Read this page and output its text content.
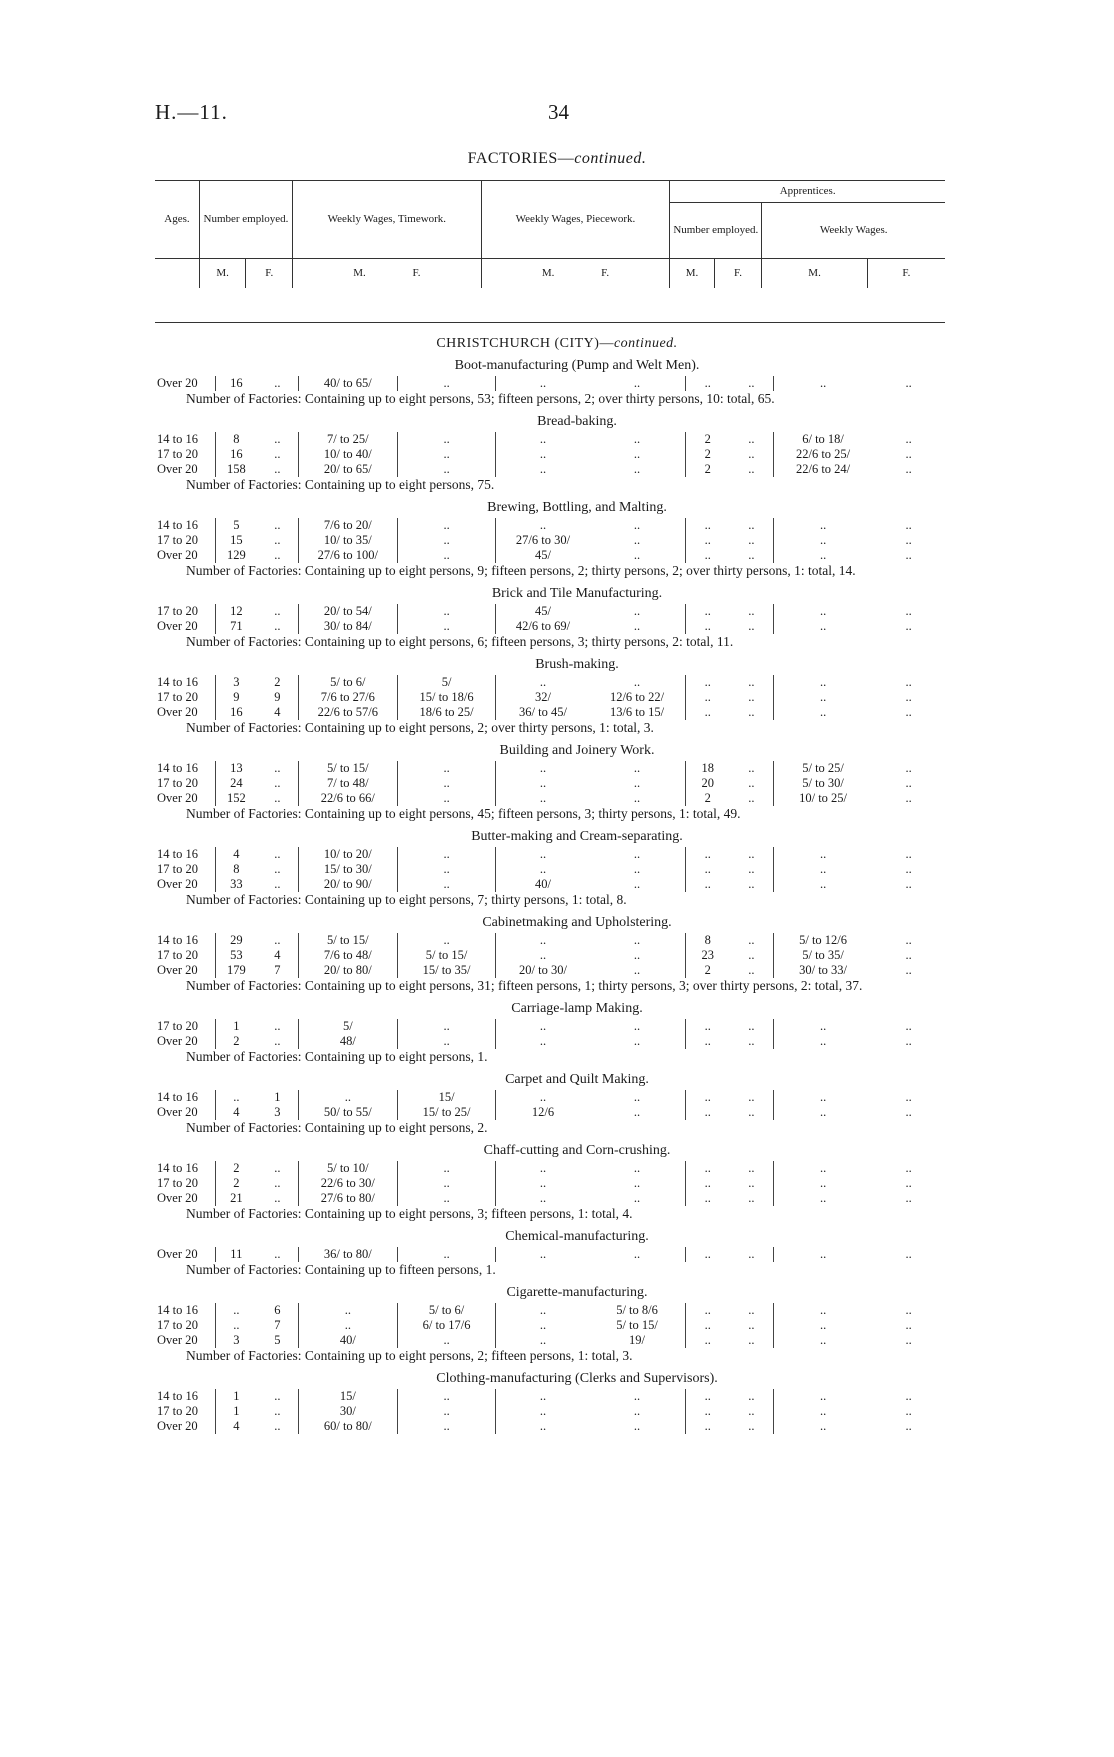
H.—11.	34
FACTORIES—continued.
Ages.	Number employed.		Weekly Wages, Timework.	Weekly Wages, Piecework.	Apprentices.			
					Number employed.		Weekly Wages.	
	M.	F.	M. F.	M. F.	M.	F.	M.	F.
CHRISTCHURCH (CITY)—continued.
Boot-manufacturing (Pump and Welt Men).
Over 20	16	..	40/ to 65/	..	..	..	..	..	..	..
Number of Factories: Containing up to eight persons, 53; fifteen persons, 2; over thirty persons, 10: total, 65.
Bread-baking.
14 to 16	8	..	7/ to 25/	..	..	..	2	..	6/ to 18/	..
17 to 20	16	..	10/ to 40/	..	..	..	2	..	22/6 to 25/	..
Over 20	158	..	20/ to 65/	..	..	..	2	..	22/6 to 24/	..
Number of Factories: Containing up to eight persons, 75.
Brewing, Bottling, and Malting.
14 to 16	5	..	7/6 to 20/	..	..	..	..	..	..	..
17 to 20	15	..	10/ to 35/	..	27/6 to 30/	..	..	..	..	..
Over 20	129	..	27/6 to 100/	..	45/	..	..	..	..	..
Number of Factories: Containing up to eight persons, 9; fifteen persons, 2; thirty persons, 2; over thirty persons, 1: total, 14.
Brick and Tile Manufacturing.
17 to 20	12	..	20/ to 54/	..	45/	..	..	..	..	..
Over 20	71	..	30/ to 84/	..	42/6 to 69/	..	..	..	..	..
Number of Factories: Containing up to eight persons, 6; fifteen persons, 3; thirty persons, 2: total, 11.
Brush-making.
14 to 16	3	2	5/ to 6/	5/	..	..	..	..	..	..
17 to 20	9	9	7/6 to 27/6	15/ to 18/6	32/	12/6 to 22/	..	..	..	..
Over 20	16	4	22/6 to 57/6	18/6 to 25/	36/ to 45/	13/6 to 15/	..	..	..	..
Number of Factories: Containing up to eight persons, 2; over thirty persons, 1: total, 3.
Building and Joinery Work.
14 to 16	13	..	5/ to 15/	..	..	..	18	..	5/ to 25/	..
17 to 20	24	..	7/ to 48/	..	..	..	20	..	5/ to 30/	..
Over 20	152	..	22/6 to 66/	..	..	..	2	..	10/ to 25/	..
Number of Factories: Containing up to eight persons, 45; fifteen persons, 3; thirty persons, 1: total, 49.
Butter-making and Cream-separating.
14 to 16	4	..	10/ to 20/	..	..	..	..	..	..	..
17 to 20	8	..	15/ to 30/	..	..	..	..	..	..	..
Over 20	33	..	20/ to 90/	..	40/	..	..	..	..	..
Number of Factories: Containing up to eight persons, 7; thirty persons, 1: total, 8.
Cabinetmaking and Upholstering.
14 to 16	29	..	5/ to 15/	..	..	..	8	..	5/ to 12/6	..
17 to 20	53	4	7/6 to 48/	5/ to 15/	..	..	23	..	5/ to 35/	..
Over 20	179	7	20/ to 80/	15/ to 35/	20/ to 30/	..	2	..	30/ to 33/	..
Number of Factories: Containing up to eight persons, 31; fifteen persons, 1; thirty persons, 3; over thirty persons, 2: total, 37.
Carriage-lamp Making.
17 to 20	1	..	5/	..	..	..	..	..	..	..
Over 20	2	..	48/	..	..	..	..	..	..	..
Number of Factories: Containing up to eight persons, 1.
Carpet and Quilt Making.
14 to 16	..	1	..	15/	..	..	..	..	..	..
Over 20	4	3	50/ to 55/	15/ to 25/	12/6	..	..	..	..	..
Number of Factories: Containing up to eight persons, 2.
Chaff-cutting and Corn-crushing.
14 to 16	2	..	5/ to 10/	..	..	..	..	..	..	..
17 to 20	2	..	22/6 to 30/	..	..	..	..	..	..	..
Over 20	21	..	27/6 to 80/	..	..	..	..	..	..	..
Number of Factories: Containing up to eight persons, 3; fifteen persons, 1: total, 4.
Chemical-manufacturing.
Over 20	11	..	36/ to 80/	..	..	..	..	..	..	..
Number of Factories: Containing up to fifteen persons, 1.
Cigarette-manufacturing.
14 to 16	..	6	..	5/ to 6/	..	5/ to 8/6	..	..	..	..
17 to 20	..	7	..	6/ to 17/6	..	5/ to 15/	..	..	..	..
Over 20	3	5	40/	..	..	19/	..	..	..	..
Number of Factories: Containing up to eight persons, 2; fifteen persons, 1: total, 3.
Clothing-manufacturing (Clerks and Supervisors).
14 to 16	1	..	15/	..	..	..	..	..	..	..
17 to 20	1	..	30/	..	..	..	..	..	..	..
Over 20	4	..	60/ to 80/	..	..	..	..	..	..	..
